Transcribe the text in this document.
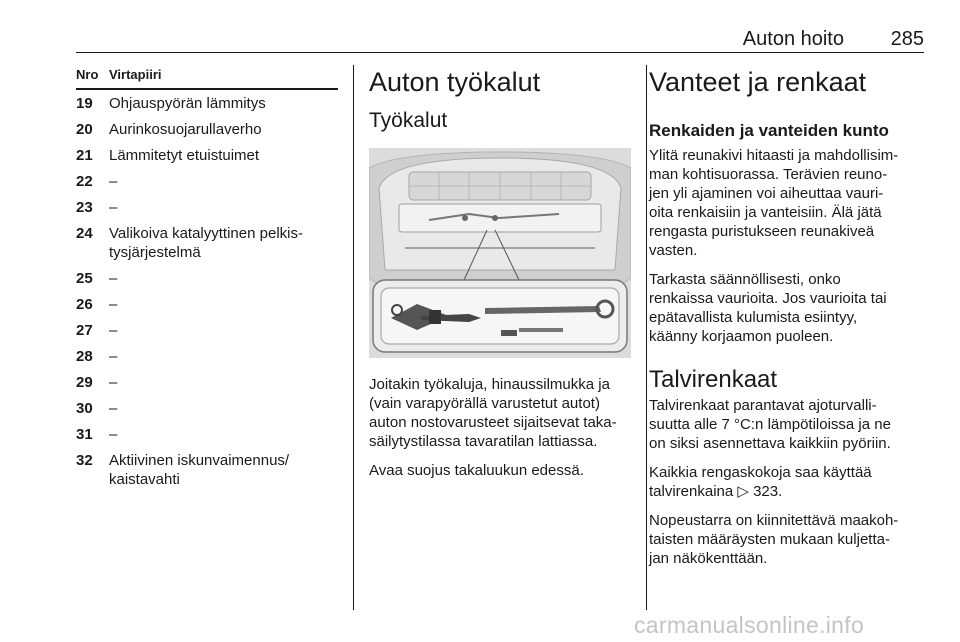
Auton hoito 285
Nro Virtapiiri
19	Ohjauspyörän lämmitys
20	Aurinkosuojarullaverho
21	Lämmitetyt etuistuimet
22	–
23	–
24	Valikoiva katalyyttinen pelkis-
tysjärjestelmä
25	–
26	–
27	–
28	–
29	–
30	–
31	–
32	Aktiivinen iskunvaimennus/
kaistavahti
Auton työkalut
Työkalut
Joitakin työkaluja, hinaussilmukka ja
(vain varapyörällä varustetut autot)
auton nostovarusteet sijaitsevat taka-
säilytystilassa tavaratilan lattiassa.
Avaa suojus takaluukun edessä.
Vanteet ja renkaat
Renkaiden ja vanteiden kunto
Ylitä reunakivi hitaasti ja mahdollisim-
man kohtisuorassa. Terävien reuno-
jen yli ajaminen voi aiheuttaa vauri-
oita renkaisiin ja vanteisiin. Älä jätä
rengasta puristukseen reunakiveä
vasten.
Tarkasta säännöllisesti, onko
renkaissa vaurioita. Jos vaurioita tai
epätavallista kulumista esiintyy,
käänny korjaamon puoleen.
Talvirenkaat
Talvirenkaat parantavat ajoturvalli-
suutta alle 7 °C:n lämpötiloissa ja ne
on siksi asennettava kaikkiin pyöriin.
Kaikkia rengaskokoja saa käyttää
talvirenkaina ▷ 323.
Nopeustarra on kiinnitettävä maakoh-
taisten määräysten mukaan kuljetta-
jan näkökenttään.
carmanualsonline.info
